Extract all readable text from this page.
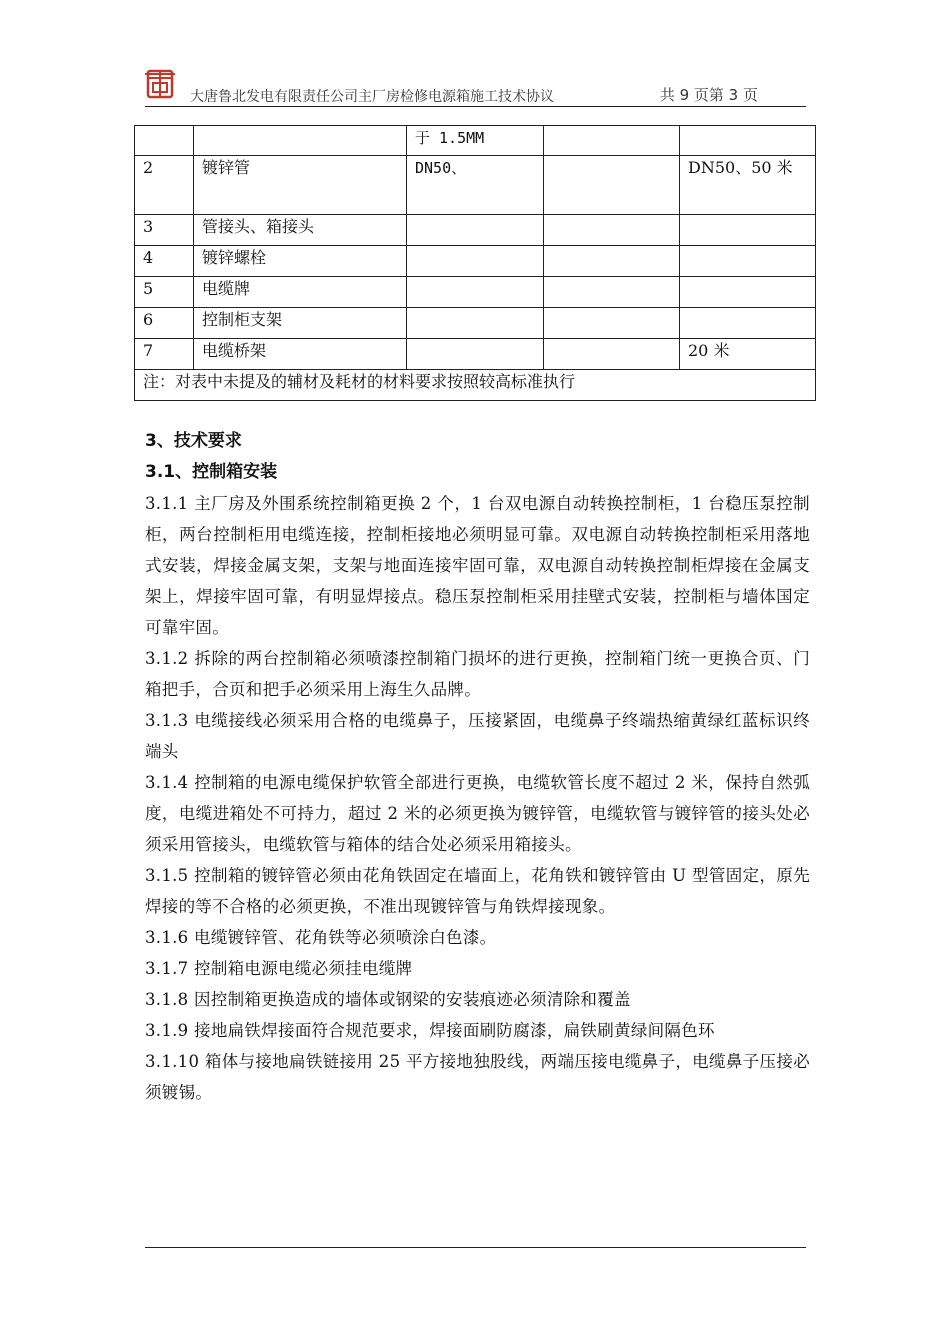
大唐鲁北发电有限责任公司主厂房检修电源箱施工技术协议	共 9 页第 3 页
		于 1.5MM		
2	镀锌管	DN50、		DN50、50 米
3	管接头、箱接头			
4	镀锌螺栓			
5	电缆牌			
6	控制柜支架			
7	电缆桥架			20 米
注：对表中未提及的辅材及耗材的材料要求按照较高标准执行				
3、技术要求
3.1、控制箱安装
3.1.1 主厂房及外围系统控制箱更换 2 个，1 台双电源自动转换控制柜，1 台稳压泵控制柜，两台控制柜用电缆连接，控制柜接地必须明显可靠。双电源自动转换控制柜采用落地式安装，焊接金属支架，支架与地面连接牢固可靠，双电源自动转换控制柜焊接在金属支架上，焊接牢固可靠，有明显焊接点。稳压泵控制柜采用挂壁式安装，控制柜与墙体国定可靠牢固。
3.1.2 拆除的两台控制箱必须喷漆控制箱门损坏的进行更换，控制箱门统一更换合页、门箱把手，合页和把手必须采用上海生久品牌。
3.1.3 电缆接线必须采用合格的电缆鼻子，压接紧固，电缆鼻子终端热缩黄绿红蓝标识终端头
3.1.4 控制箱的电源电缆保护软管全部进行更换，电缆软管长度不超过 2 米，保持自然弧度，电缆进箱处不可持力，超过 2 米的必须更换为镀锌管，电缆软管与镀锌管的接头处必须采用管接头，电缆软管与箱体的结合处必须采用箱接头。
3.1.5 控制箱的镀锌管必须由花角铁固定在墙面上，花角铁和镀锌管由 U 型管固定，原先焊接的等不合格的必须更换，不准出现镀锌管与角铁焊接现象。
3.1.6 电缆镀锌管、花角铁等必须喷涂白色漆。
3.1.7 控制箱电源电缆必须挂电缆牌
3.1.8 因控制箱更换造成的墙体或钢梁的安装痕迹必须清除和覆盖
3.1.9 接地扁铁焊接面符合规范要求，焊接面刷防腐漆，扁铁刷黄绿间隔色环
3.1.10 箱体与接地扁铁链接用 25 平方接地独股线，两端压接电缆鼻子，电缆鼻子压接必须镀锡。
